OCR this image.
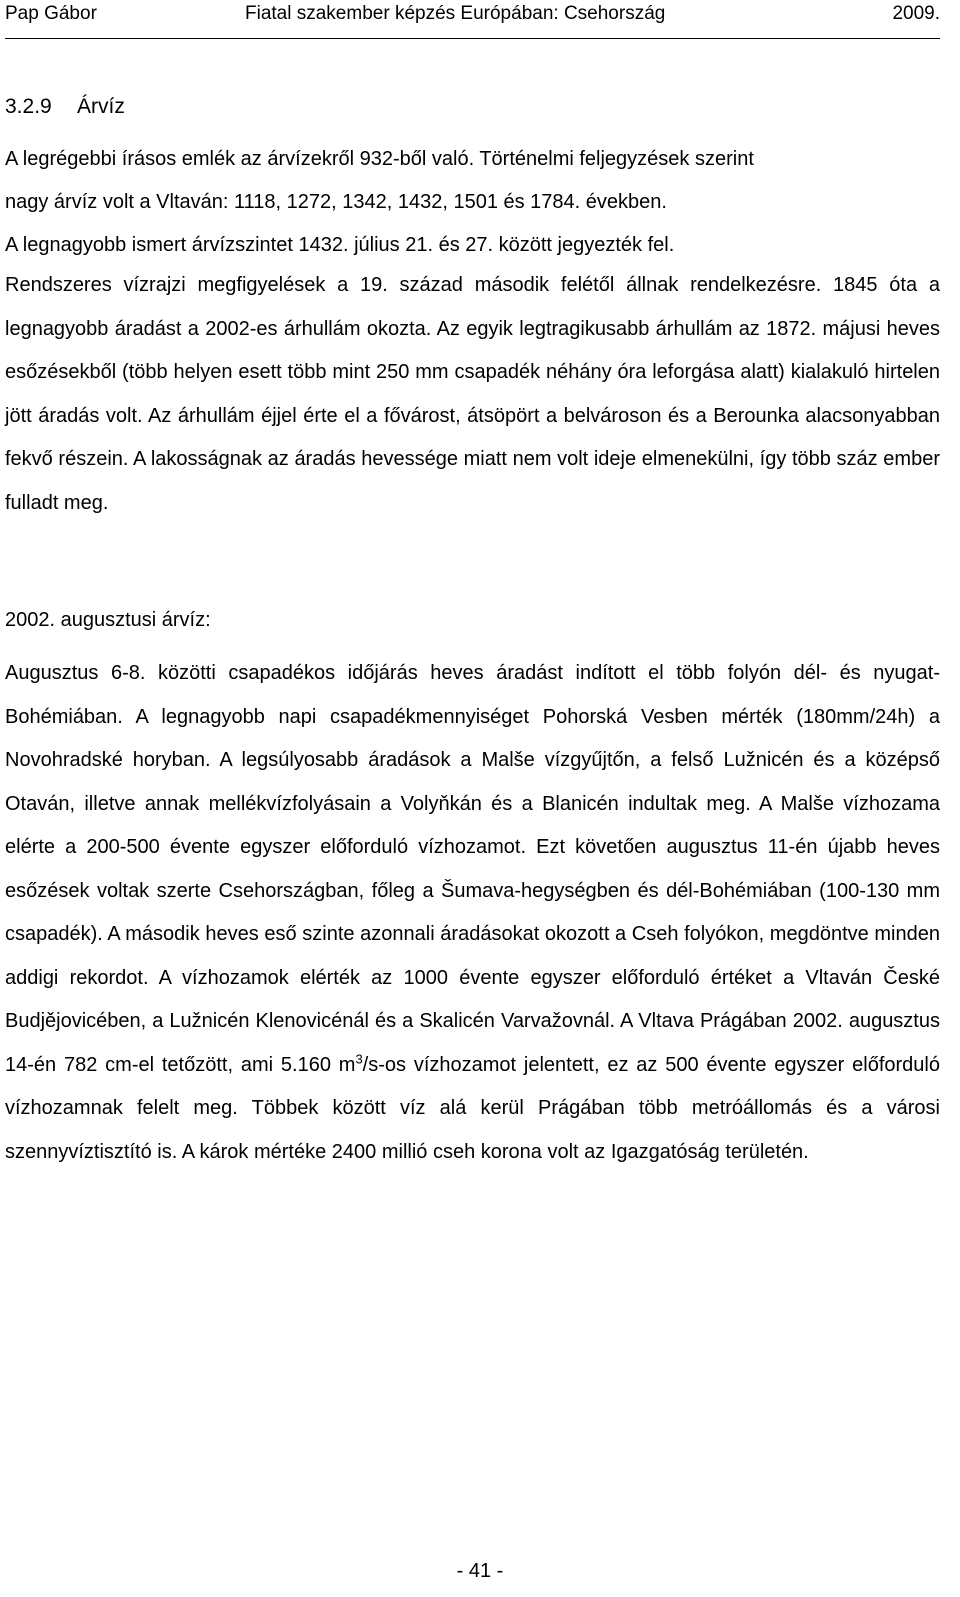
Pap Gábor	Fiatal szakember képzés Európában: Csehország	2009.
3.2.9 Árvíz
A legrégebbi írásos emlék az árvízekről 932-ből való. Történelmi feljegyzések szerint
nagy árvíz volt a Vltaván: 1118, 1272, 1342, 1432, 1501 és 1784. években.
A legnagyobb ismert árvízszintet 1432. július 21. és 27. között jegyezték fel.
Rendszeres vízrajzi megfigyelések a 19. század második felétől állnak rendelkezésre. 1845 óta a legnagyobb áradást a 2002-es árhullám okozta. Az egyik legtragikusabb árhullám az 1872. májusi heves esőzésekből (több helyen esett több mint 250 mm csapadék néhány óra leforgása alatt) kialakuló hirtelen jött áradás volt. Az árhullám éjjel érte el a fővárost, átsöpört a belvároson és a Berounka alacsonyabban fekvő részein. A lakosságnak az áradás hevessége miatt nem volt ideje elmenekülni, így több száz ember fulladt meg.
2002. augusztusi árvíz:
Augusztus 6-8. közötti csapadékos időjárás heves áradást indított el több folyón dél- és nyugat-Bohémiában. A legnagyobb napi csapadékmennyiséget Pohorská Vesben mérték (180mm/24h) a Novohradské horyban. A legsúlyosabb áradások a Malše vízgyűjtőn, a felső Lužnicén és a középső Otaván, illetve annak mellékvízfolyásain a Volyňkán és a Blanicén indultak meg. A Malše vízhozama elérte a 200-500 évente egyszer előforduló vízhozamot. Ezt követően augusztus 11-én újabb heves esőzések voltak szerte Csehországban, főleg a Šumava-hegységben és dél-Bohémiában (100-130 mm csapadék). A második heves eső szinte azonnali áradásokat okozott a Cseh folyókon, megdöntve minden addigi rekordot. A vízhozamok elérték az 1000 évente egyszer előforduló értéket a Vltaván České Budjějovicében, a Lužnicén Klenovicénál és a Skalicén Varvažovnál. A Vltava Prágában 2002. augusztus 14-én 782 cm-el tetőzött, ami 5.160 $m^3/s-os$ vízhozamot jelentett, ez az 500 évente egyszer előforduló vízhozamnak felelt meg. Többek között víz alá kerül Prágában több metróállomás és a városi szennyvíztisztító is. A károk mértéke 2400 millió cseh korona volt az Igazgatóság területén.
- 41 -
